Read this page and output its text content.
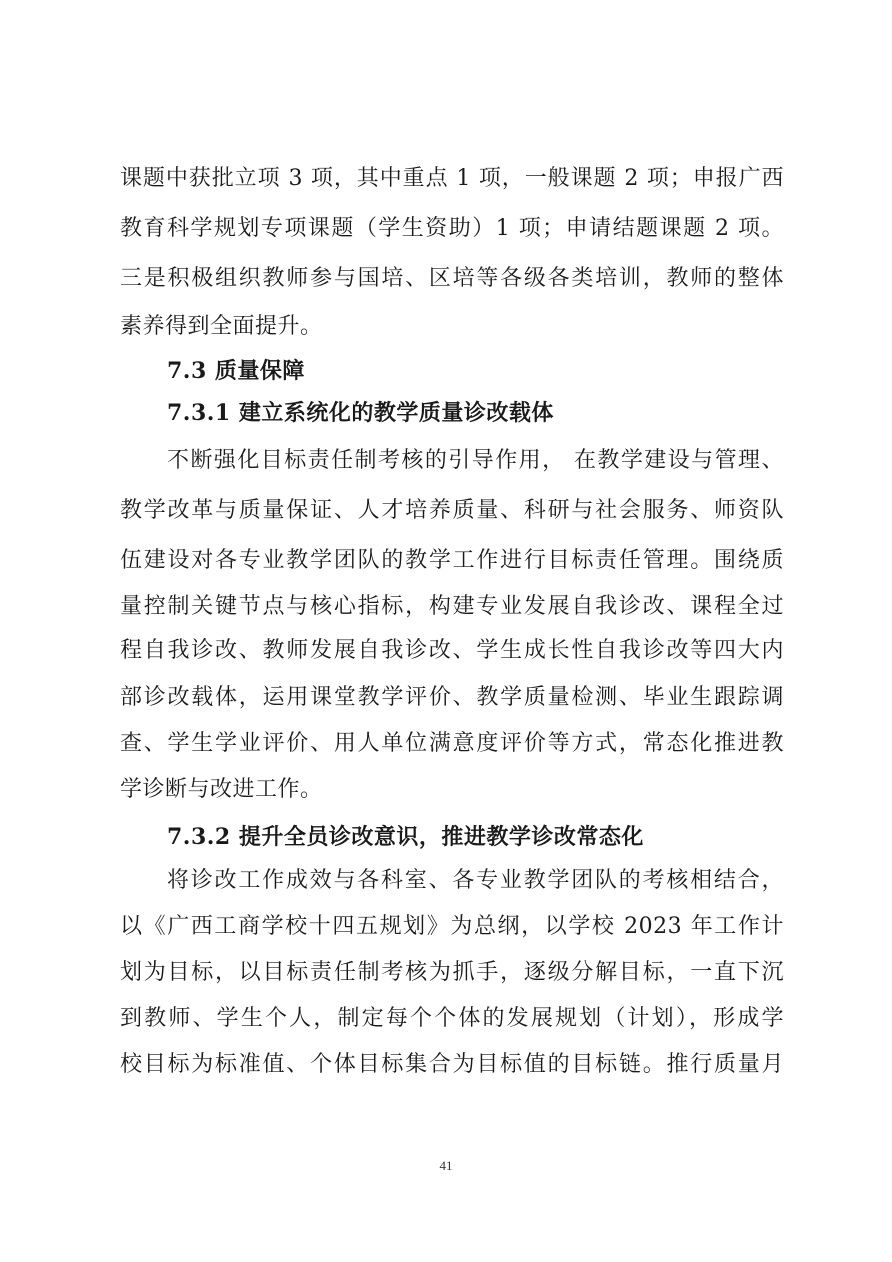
课题中获批立项 3 项，其中重点 1 项，一般课题 2 项；申报广西
教育科学规划专项课题（学生资助）1 项；申请结题课题 2 项。
三是积极组织教师参与国培、区培等各级各类培训，教师的整体
素养得到全面提升。
7.3 质量保障
7.3.1 建立系统化的教学质量诊改载体
不断强化目标责任制考核的引导作用， 在教学建设与管理、
教学改革与质量保证、人才培养质量、科研与社会服务、师资队
伍建设对各专业教学团队的教学工作进行目标责任管理。围绕质
量控制关键节点与核心指标，构建专业发展自我诊改、课程全过
程自我诊改、教师发展自我诊改、学生成长性自我诊改等四大内
部诊改载体，运用课堂教学评价、教学质量检测、毕业生跟踪调
查、学生学业评价、用人单位满意度评价等方式，常态化推进教
学诊断与改进工作。
7.3.2 提升全员诊改意识，推进教学诊改常态化
将诊改工作成效与各科室、各专业教学团队的考核相结合，
以《广西工商学校十四五规划》为总纲，以学校 2023 年工作计
划为目标，以目标责任制考核为抓手，逐级分解目标，一直下沉
到教师、学生个人，制定每个个体的发展规划（计划），形成学
校目标为标准值、个体目标集合为目标值的目标链。推行质量月
41
